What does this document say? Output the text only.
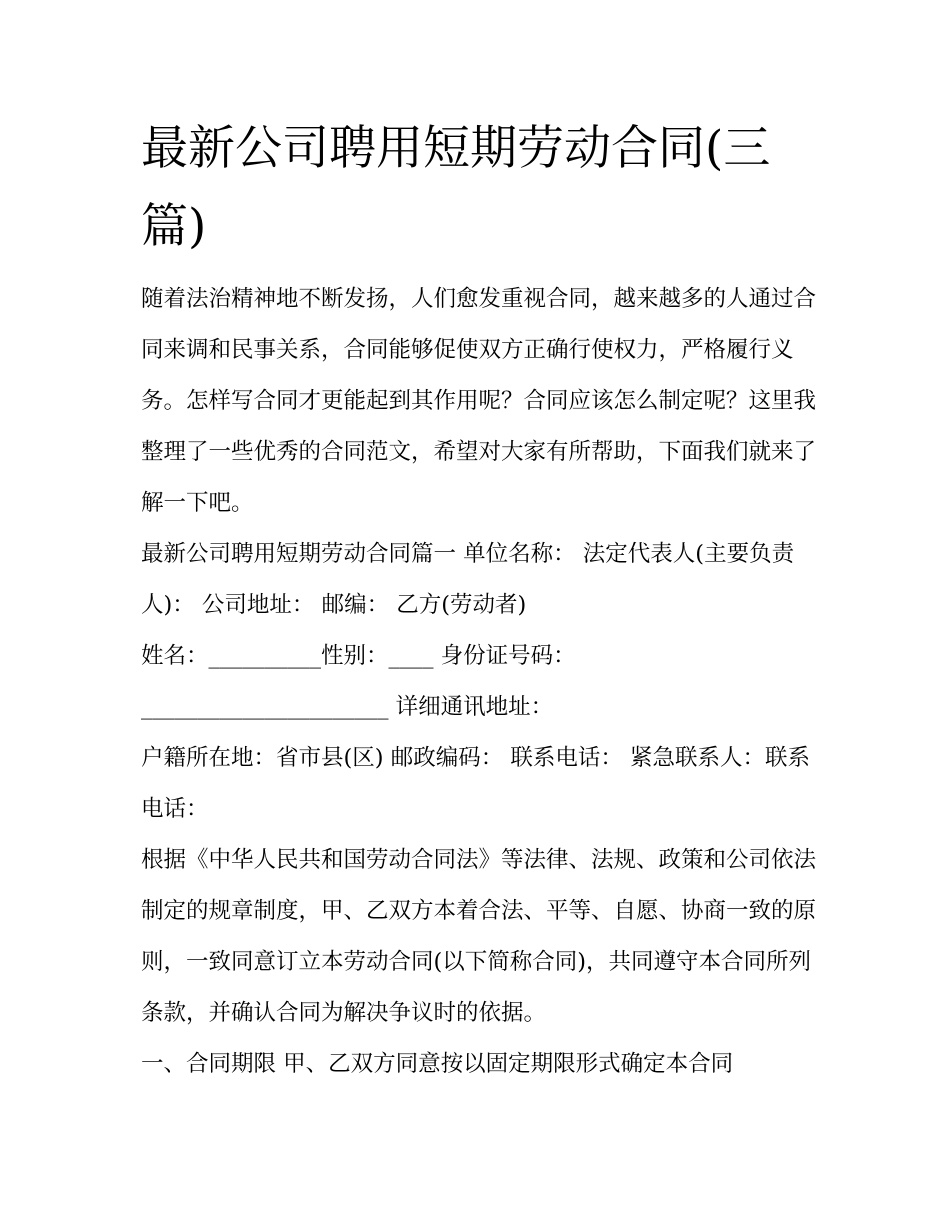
最新公司聘用短期劳动合同(三篇)

随着法治精神地不断发扬，人们愈发重视合同，越来越多的人通过合同来调和民事关系，合同能够促使双方正确行使权力，严格履行义务。怎样写合同才更能起到其作用呢？合同应该怎么制定呢？这里我整理了一些优秀的合同范文，希望对大家有所帮助，下面我们就来了解一下吧。

最新公司聘用短期劳动合同篇一 单位名称： 法定代表人(主要负责人)： 公司地址： 邮编： 乙方(劳动者)

姓名：__________性别：____ 身份证号码：______________________ 详细通讯地址：

户籍所在地：省市县(区) 邮政编码： 联系电话： 紧急联系人：联系电话：

根据《中华人民共和国劳动合同法》等法律、法规、政策和公司依法制定的规章制度，甲、乙双方本着合法、平等、自愿、协商一致的原则，一致同意订立本劳动合同(以下简称合同)，共同遵守本合同所列条款，并确认合同为解决争议时的依据。

一、合同期限 甲、乙双方同意按以固定期限形式确定本合同
